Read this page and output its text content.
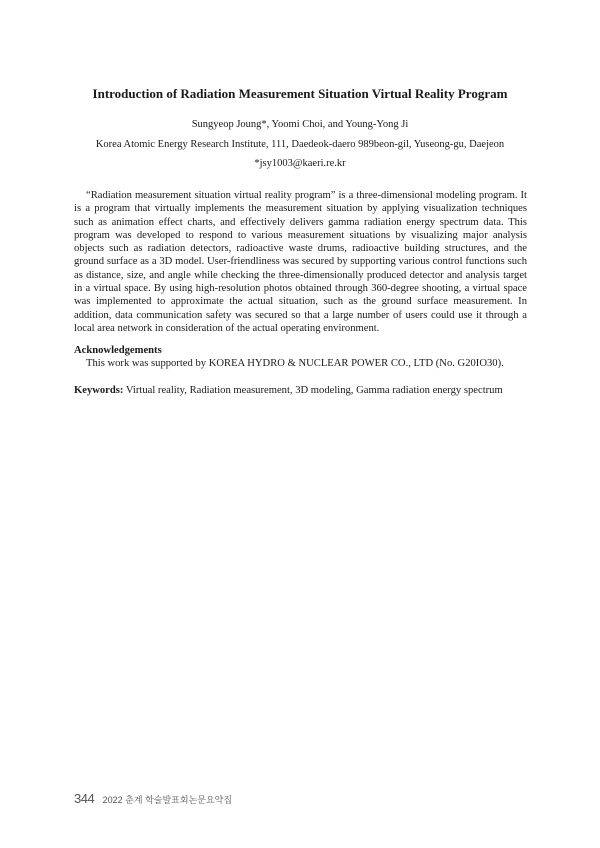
Introduction of Radiation Measurement Situation Virtual Reality Program
Sungyeop Joung*, Yoomi Choi, and Young-Yong Ji
Korea Atomic Energy Research Institute, 111, Daedeok-daero 989beon-gil, Yuseong-gu, Daejeon
*jsy1003@kaeri.re.kr

“Radiation measurement situation virtual reality program” is a three-dimensional modeling program. It is a program that virtually implements the measurement situation by applying visualization techniques such as animation effect charts, and effectively delivers gamma radiation energy spectrum data. This program was developed to respond to various measurement situations by visualizing major analysis objects such as radiation detectors, radioactive waste drums, radioactive building structures, and the ground surface as a 3D model. User-friendliness was secured by supporting various control functions such as distance, size, and angle while checking the three-dimensionally produced detector and analysis target in a virtual space. By using high-resolution photos obtained through 360-degree shooting, a virtual space was implemented to approximate the actual situation, such as the ground surface measurement. In addition, data communication safety was secured so that a large number of users could use it through a local area network in consideration of the actual operating environment.

Acknowledgements
This work was supported by KOREA HYDRO & NUCLEAR POWER CO., LTD (No. G20IO30).
Keywords: Virtual reality, Radiation measurement, 3D modeling, Gamma radiation energy spectrum
344 2022 춘계 학술발표회논문요약집
